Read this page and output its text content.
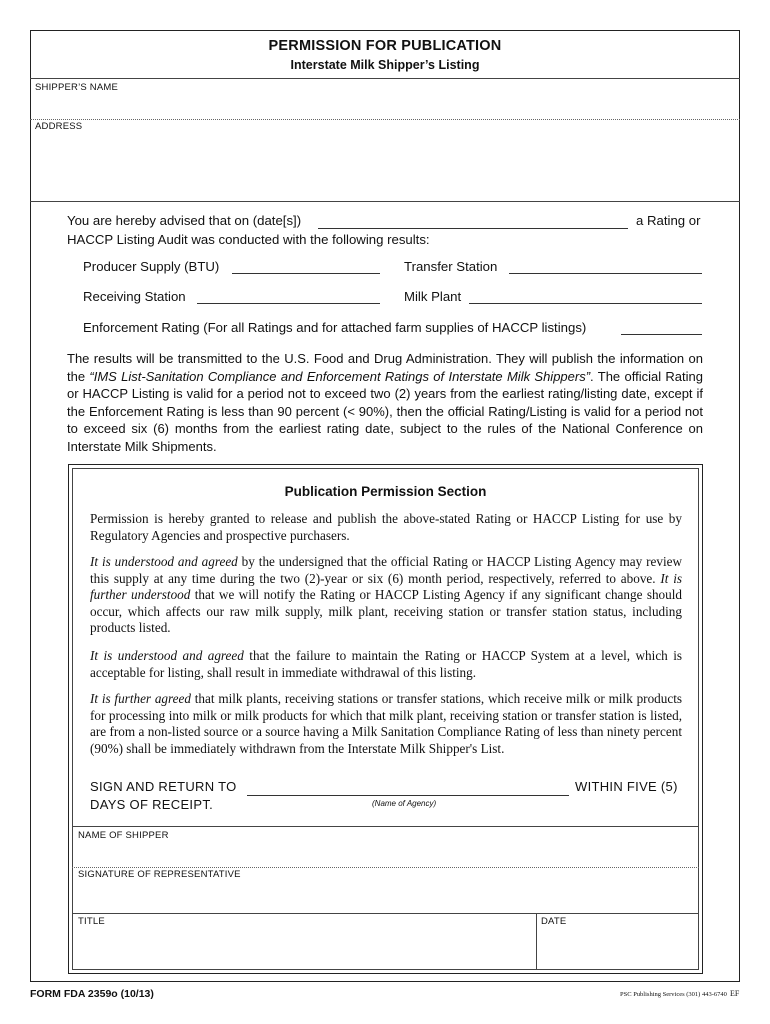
PERMISSION FOR PUBLICATION
Interstate Milk Shipper’s Listing
SHIPPER’S NAME
ADDRESS
You are hereby advised that on (date[s])	a Rating or
HACCP Listing Audit was conducted with the following results:
Producer Supply (BTU)	Transfer Station
Receiving Station	Milk Plant
Enforcement Rating (For all Ratings and for attached farm supplies of HACCP listings)
The results will be transmitted to the U.S. Food and Drug Administration. They will publish the information on the “IMS List-Sanitation Compliance and Enforcement Ratings of Interstate Milk Shippers”. The official Rating or HACCP Listing is valid for a period not to exceed two (2) years from the earliest rating/listing date, except if the Enforcement Rating is less than 90 percent (< 90%), then the official Rating/Listing is valid for a period not to exceed six (6) months from the earliest rating date, subject to the rules of the National Conference on Interstate Milk Shipments.
Publication Permission Section
Permission is hereby granted to release and publish the above-stated Rating or HACCP Listing for use by Regulatory Agencies and prospective purchasers.
It is understood and agreed by the undersigned that the official Rating or HACCP Listing Agency may review this supply at any time during the two (2)-year or six (6) month period, respectively, referred to above. It is further understood that we will notify the Rating or HACCP Listing Agency if any significant change should occur, which affects our raw milk supply, milk plant, receiving station or transfer station status, including products listed.
It is understood and agreed that the failure to maintain the Rating or HACCP System at a level, which is acceptable for listing, shall result in immediate withdrawal of this listing.
It is further agreed that milk plants, receiving stations or transfer stations, which receive milk or milk products for processing into milk or milk products for which that milk plant, receiving station or transfer station is listed, are from a non-listed source or a source having a Milk Sanitation Compliance Rating of less than ninety percent (90%) shall be immediately withdrawn from the Interstate Milk Shipper's List.
SIGN AND RETURN TO	WITHIN FIVE (5)
DAYS OF RECEIPT.	(Name of Agency)
NAME OF SHIPPER
SIGNATURE OF REPRESENTATIVE
TITLE	DATE
FORM FDA 2359o (10/13)	PSC Publishing Services (301) 443-6740 EF
